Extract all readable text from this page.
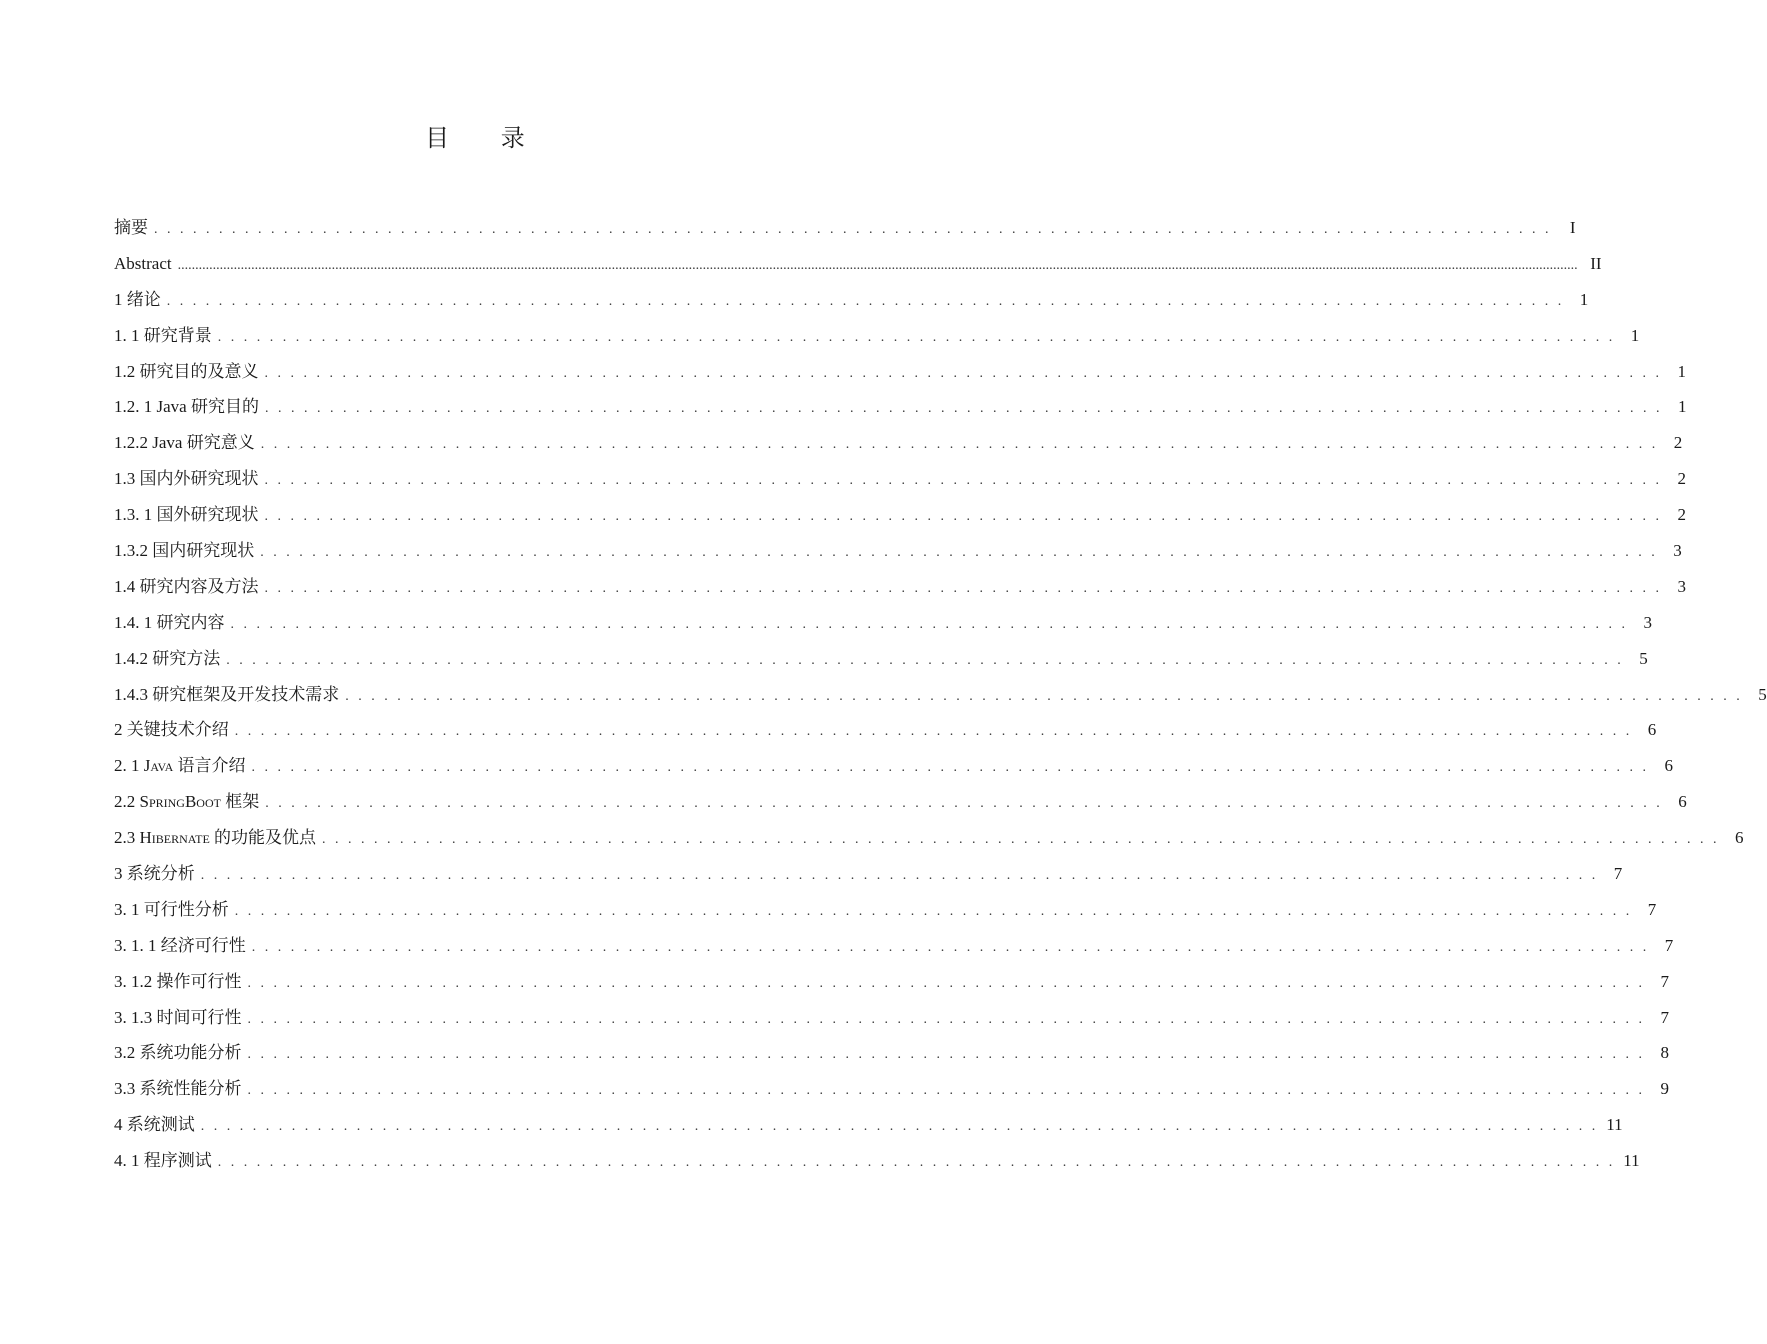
目 录
摘要 . . . . . . . . . . . . . . . . . . . . . . . . . . . . . . . . . . . . . . . . . . . . . . . . . . . . . . . . . . . . . . . . . . . . . . . . . . . . . . . . . . . . . . . . . . . . . . . . . . . . . . . . . . . .	I
Abstract ................................................................................................................................................................................................................................................................................................................................................................................................................ II
1 绪论 . . . . . . . . . . . . . . . . . . . . . . . . . . . . . . . . . . . . . . . . . . . . . . . . . . . . . . . . . . . . . . . . . . . . . . . . . . . . . . . . . . . . . . . . . . . . . . . . . . . . . . . . . . . . 1
1. 1 研究背景 . . . . . . . . . . . . . . . . . . . . . . . . . . . . . . . . . . . . . . . . . . . . . . . . . . . . . . . . . . . . . . . . . . . . . . . . . . . . . . . . . . . . . . . . . . . . . . . . . . . . . . . . . . . . 1
1.2 研究目的及意义 . . . . . . . . . . . . . . . . . . . . . . . . . . . . . . . . . . . . . . . . . . . . . . . . . . . . . . . . . . . . . . . . . . . . . . . . . . . . . . . . . . . . . . . . . . . . . . . . . . . . . . . . . . . . 1
1.2. 1 Java 研究目的 . . . . . . . . . . . . . . . . . . . . . . . . . . . . . . . . . . . . . . . . . . . . . . . . . . . . . . . . . . . . . . . . . . . . . . . . . . . . . . . . . . . . . . . . . . . . . . . . . . . . . . . . . . . . 1
1.2.2 Java 研究意义 . . . . . . . . . . . . . . . . . . . . . . . . . . . . . . . . . . . . . . . . . . . . . . . . . . . . . . . . . . . . . . . . . . . . . . . . . . . . . . . . . . . . . . . . . . . . . . . . . . . . . . . . . . . . 2
1.3 国内外研究现状 . . . . . . . . . . . . . . . . . . . . . . . . . . . . . . . . . . . . . . . . . . . . . . . . . . . . . . . . . . . . . . . . . . . . . . . . . . . . . . . . . . . . . . . . . . . . . . . . . . . . . . . . . . . . 2
1.3. 1 国外研究现状 . . . . . . . . . . . . . . . . . . . . . . . . . . . . . . . . . . . . . . . . . . . . . . . . . . . . . . . . . . . . . . . . . . . . . . . . . . . . . . . . . . . . . . . . . . . . . . . . . . . . . . . . . . . . 2
1.3.2 国内研究现状 . . . . . . . . . . . . . . . . . . . . . . . . . . . . . . . . . . . . . . . . . . . . . . . . . . . . . . . . . . . . . . . . . . . . . . . . . . . . . . . . . . . . . . . . . . . . . . . . . . . . . . . . . . . . 3
1.4 研究内容及方法 . . . . . . . . . . . . . . . . . . . . . . . . . . . . . . . . . . . . . . . . . . . . . . . . . . . . . . . . . . . . . . . . . . . . . . . . . . . . . . . . . . . . . . . . . . . . . . . . . . . . . . . . . . . . 3
1.4. 1 研究内容 . . . . . . . . . . . . . . . . . . . . . . . . . . . . . . . . . . . . . . . . . . . . . . . . . . . . . . . . . . . . . . . . . . . . . . . . . . . . . . . . . . . . . . . . . . . . . . . . . . . . . . . . . . . . 3
1.4.2 研究方法 . . . . . . . . . . . . . . . . . . . . . . . . . . . . . . . . . . . . . . . . . . . . . . . . . . . . . . . . . . . . . . . . . . . . . . . . . . . . . . . . . . . . . . . . . . . . . . . . . . . . . . . . . . . . 5
1.4.3 研究框架及开发技术需求 . . . . . . . . . . . . . . . . . . . . . . . . . . . . . . . . . . . . . . . . . . . . . . . . . . . . . . . . . . . . . . . . . . . . . . . . . . . . . . . . . . . . . . . . . . . . . . . . . . . . . . . . . . . . 5
2 关键技术介绍 . . . . . . . . . . . . . . . . . . . . . . . . . . . . . . . . . . . . . . . . . . . . . . . . . . . . . . . . . . . . . . . . . . . . . . . . . . . . . . . . . . . . . . . . . . . . . . . . . . . . . . . . . . . . 6
2. 1 Java 语言介绍 . . . . . . . . . . . . . . . . . . . . . . . . . . . . . . . . . . . . . . . . . . . . . . . . . . . . . . . . . . . . . . . . . . . . . . . . . . . . . . . . . . . . . . . . . . . . . . . . . . . . . . . . . . . . 6
2.2 SpringBoot 框架 . . . . . . . . . . . . . . . . . . . . . . . . . . . . . . . . . . . . . . . . . . . . . . . . . . . . . . . . . . . . . . . . . . . . . . . . . . . . . . . . . . . . . . . . . . . . . . . . . . . . . . . . . . . . 6
2.3 Hibernate 的功能及优点 . . . . . . . . . . . . . . . . . . . . . . . . . . . . . . . . . . . . . . . . . . . . . . . . . . . . . . . . . . . . . . . . . . . . . . . . . . . . . . . . . . . . . . . . . . . . . . . . . . . . . . . . . . . . 6
3 系统分析 . . . . . . . . . . . . . . . . . . . . . . . . . . . . . . . . . . . . . . . . . . . . . . . . . . . . . . . . . . . . . . . . . . . . . . . . . . . . . . . . . . . . . . . . . . . . . . . . . . . . . . . . . . . . 7
3. 1 可行性分析 . . . . . . . . . . . . . . . . . . . . . . . . . . . . . . . . . . . . . . . . . . . . . . . . . . . . . . . . . . . . . . . . . . . . . . . . . . . . . . . . . . . . . . . . . . . . . . . . . . . . . . . . . . . . 7
3. 1. 1 经济可行性 . . . . . . . . . . . . . . . . . . . . . . . . . . . . . . . . . . . . . . . . . . . . . . . . . . . . . . . . . . . . . . . . . . . . . . . . . . . . . . . . . . . . . . . . . . . . . . . . . . . . . . . . . . . . 7
3. 1.2 操作可行性 . . . . . . . . . . . . . . . . . . . . . . . . . . . . . . . . . . . . . . . . . . . . . . . . . . . . . . . . . . . . . . . . . . . . . . . . . . . . . . . . . . . . . . . . . . . . . . . . . . . . . . . . . . . . 7
3. 1.3 时间可行性 . . . . . . . . . . . . . . . . . . . . . . . . . . . . . . . . . . . . . . . . . . . . . . . . . . . . . . . . . . . . . . . . . . . . . . . . . . . . . . . . . . . . . . . . . . . . . . . . . . . . . . . . . . . . 7
3.2 系统功能分析 . . . . . . . . . . . . . . . . . . . . . . . . . . . . . . . . . . . . . . . . . . . . . . . . . . . . . . . . . . . . . . . . . . . . . . . . . . . . . . . . . . . . . . . . . . . . . . . . . . . . . . . . . . . . 8
3.3 系统性能分析 . . . . . . . . . . . . . . . . . . . . . . . . . . . . . . . . . . . . . . . . . . . . . . . . . . . . . . . . . . . . . . . . . . . . . . . . . . . . . . . . . . . . . . . . . . . . . . . . . . . . . . . . . . . . 9
4 系统测试 . . . . . . . . . . . . . . . . . . . . . . . . . . . . . . . . . . . . . . . . . . . . . . . . . . . . . . . . . . . . . . . . . . . . . . . . . . . . . . . . . . . . . . . . . . . . . . . . . . . . . . . . . . . . 11
4. 1 程序测试 . . . . . . . . . . . . . . . . . . . . . . . . . . . . . . . . . . . . . . . . . . . . . . . . . . . . . . . . . . . . . . . . . . . . . . . . . . . . . . . . . . . . . . . . . . . . . . . . . . . . . . . . . . . . 11
